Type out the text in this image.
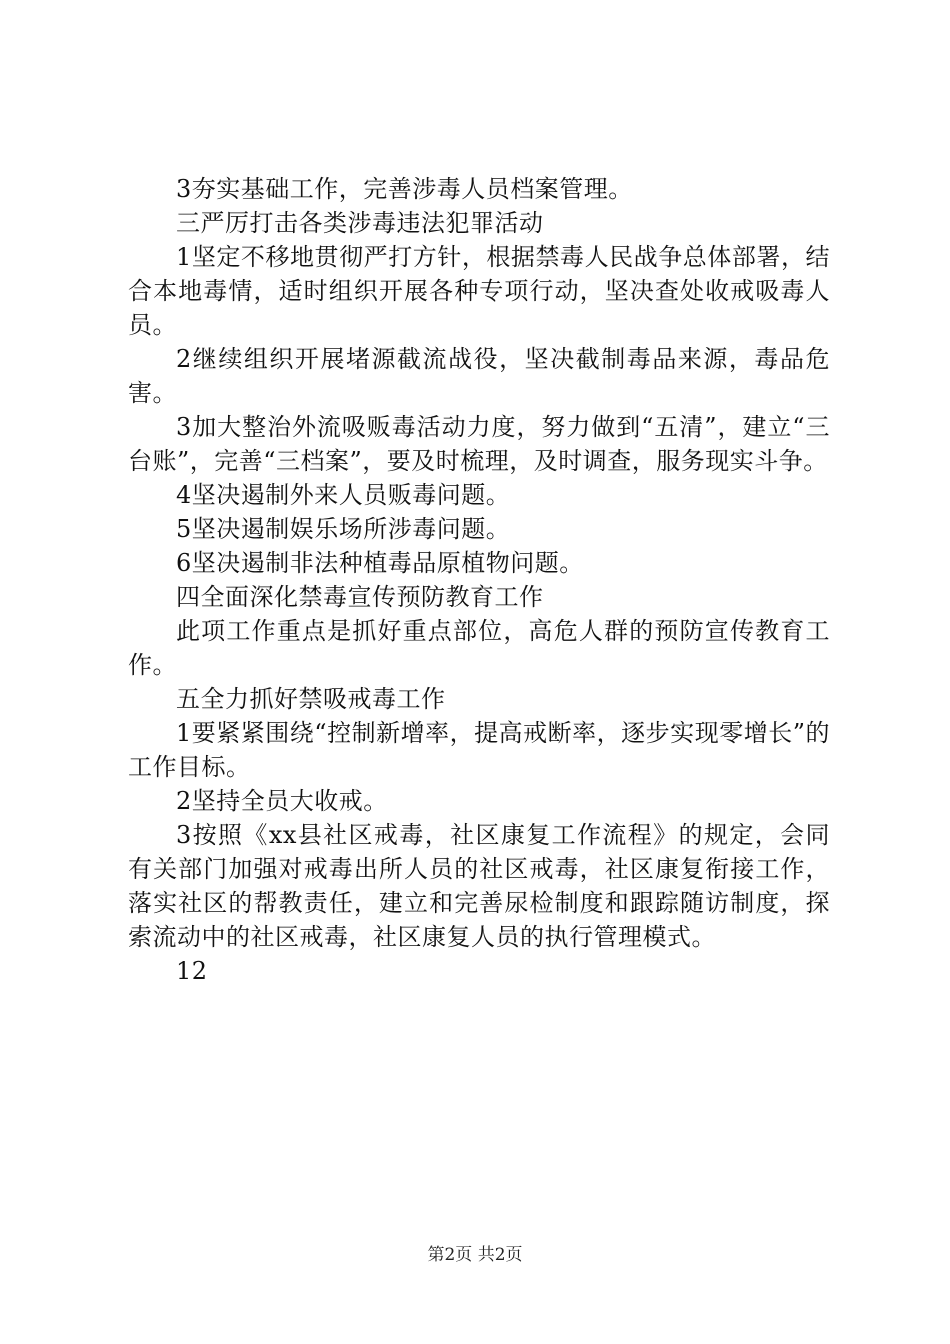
3夯实基础工作，完善涉毒人员档案管理。

三严厉打击各类涉毒违法犯罪活动

1坚定不移地贯彻严打方针，根据禁毒人民战争总体部署，结合本地毒情，适时组织开展各种专项行动，坚决查处收戒吸毒人员。

2继续组织开展堵源截流战役，坚决截制毒品来源，毒品危害。

3加大整治外流吸贩毒活动力度，努力做到“五清”，建立“三台账”，完善“三档案”，要及时梳理，及时调查，服务现实斗争。

4坚决遏制外来人员贩毒问题。

5坚决遏制娱乐场所涉毒问题。

6坚决遏制非法种植毒品原植物问题。

四全面深化禁毒宣传预防教育工作

此项工作重点是抓好重点部位，高危人群的预防宣传教育工作。

五全力抓好禁吸戒毒工作

1要紧紧围绕“控制新增率，提高戒断率，逐步实现零增长”的工作目标。

2坚持全员大收戒。

3按照《xx县社区戒毒，社区康复工作流程》的规定，会同有关部门加强对戒毒出所人员的社区戒毒，社区康复衔接工作，落实社区的帮教责任，建立和完善尿检制度和跟踪随访制度，探索流动中的社区戒毒，社区康复人员的执行管理模式。

12

第2页 共2页
